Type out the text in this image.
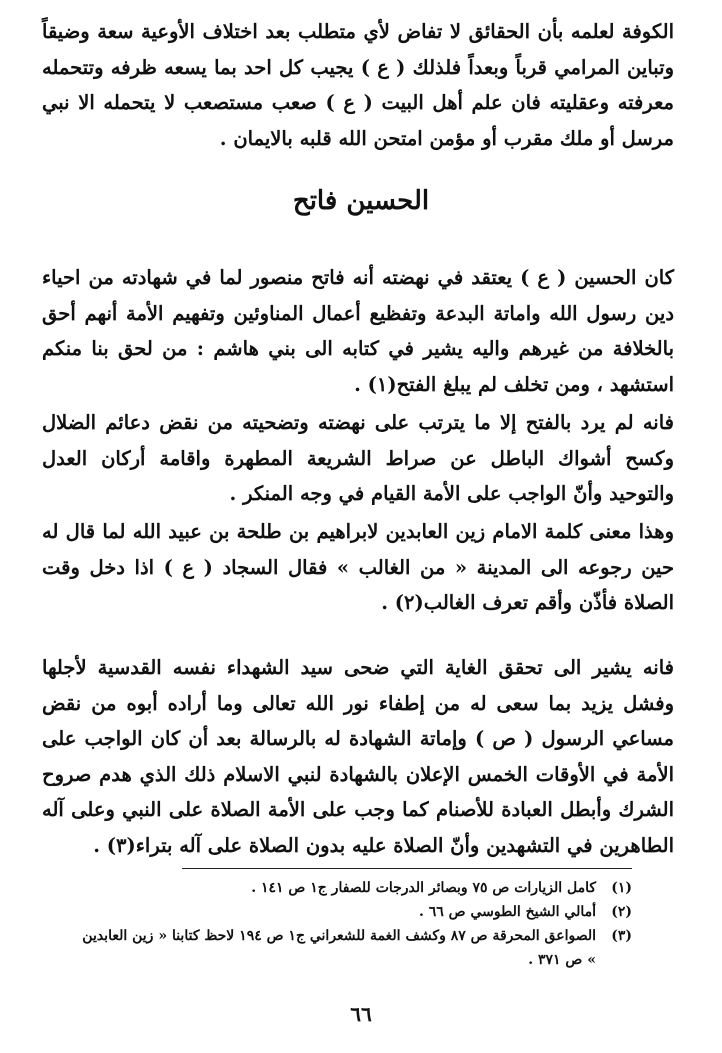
الكوفة لعلمه بأن الحقائق لا تفاض لأي متطلب بعد اختلاف الأوعية سعة وضيقاً وتباين المرامي قرباً وبعداً فلذلك ( ع ) يجيب كل احد بما يسعه ظرفه وتتحمله معرفته وعقليته فان علم أهل البيت ( ع ) صعب مستصعب لا يتحمله الا نبي مرسل أو ملك مقرب أو مؤمن امتحن الله قلبه بالايمان .
الحسين فاتح
كان الحسين ( ع ) يعتقد في نهضته أنه فاتح منصور لما في شهادته من احياء دين رسول الله واماتة البدعة وتفظيع أعمال المناوئين وتفهيم الأمة أنهم أحق بالخلافة من غيرهم واليه يشير في كتابه الى بني هاشم : من لحق بنا منكم استشهد ، ومن تخلف لم يبلغ الفتح(١) .
فانه لم يرد بالفتح إلا ما يترتب على نهضته وتضحيته من نقض دعائم الضلال وكسح أشواك الباطل عن صراط الشريعة المطهرة واقامة أركان العدل والتوحيد وأنّ الواجب على الأمة القيام في وجه المنكر .
وهذا معنى كلمة الامام زين العابدين لابراهيم بن طلحة بن عبيد الله لما قال له حين رجوعه الى المدينة « من الغالب » فقال السجاد ( ع ) اذا دخل وقت الصلاة فأذّن وأقم تعرف الغالب(٢) .
فانه يشير الى تحقق الغاية التي ضحى سيد الشهداء نفسه القدسية لأجلها وفشل يزيد بما سعى له من إطفاء نور الله تعالى وما أراده أبوه من نقض مساعي الرسول ( ص ) وإماتة الشهادة له بالرسالة بعد أن كان الواجب على الأمة في الأوقات الخمس الإعلان بالشهادة لنبي الاسلام ذلك الذي هدم صروح الشرك وأبطل العبادة للأصنام كما وجب على الأمة الصلاة على النبي وعلى آله الطاهرين في التشهدين وأنّ الصلاة عليه بدون الصلاة على آله بتراء(٣) .
(١)
كامل الزيارات ص ٧٥ وبصائر الدرجات للصفار ج١ ص ١٤١ .
(٢)
أمالي الشيخ الطوسي ص ٦٦ .
(٣)
الصواعق المحرقة ص ٨٧ وكشف الغمة للشعراني ج١ ص ١٩٤ لاحظ كتابنا « زين العابدين » ص ٣٧١ .
٦٦
